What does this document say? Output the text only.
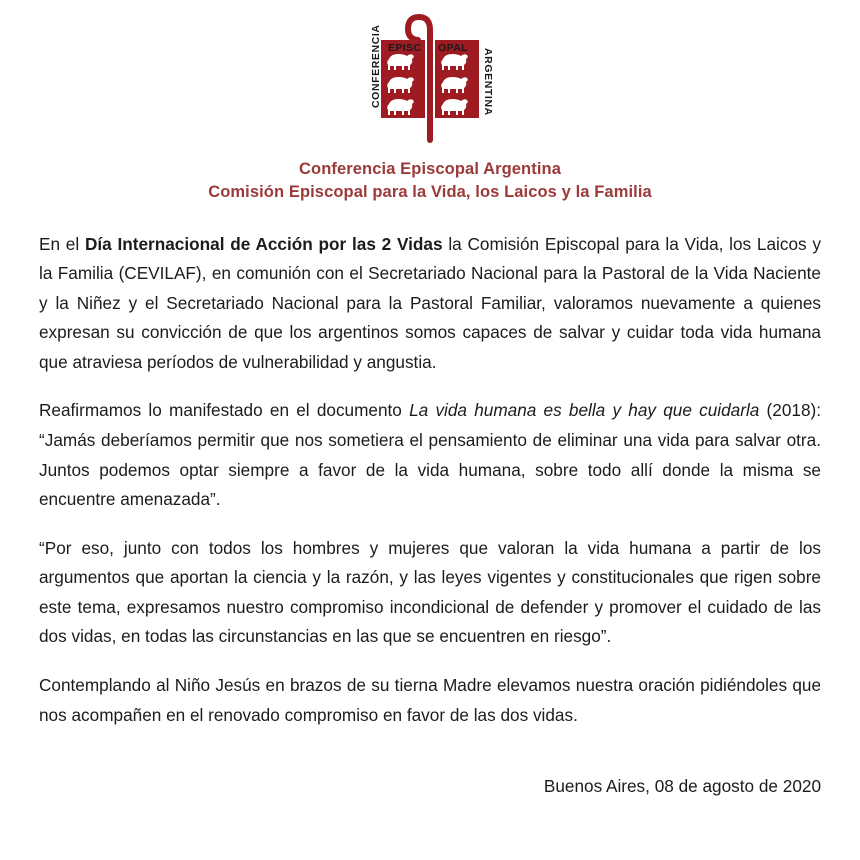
CONFERENCIA	ARGENTINA
EPISC OPAL
Conferencia Episcopal Argentina
Comisión Episcopal para la Vida, los Laicos y la Familia

En el Día Internacional de Acción por las 2 Vidas la Comisión Episcopal para la Vida, los Laicos y la Familia (CEVILAF), en comunión con el Secretariado Nacional para la Pastoral de la Vida Naciente y la Niñez y el Secretariado Nacional para la Pastoral Familiar, valoramos nuevamente a quienes expresan su convicción de que los argentinos somos capaces de salvar y cuidar toda vida humana que atraviesa períodos de vulnerabilidad y angustia.

Reafirmamos lo manifestado en el documento La vida humana es bella y hay que cuidarla (2018): “Jamás deberíamos permitir que nos sometiera el pensamiento de eliminar una vida para salvar otra. Juntos podemos optar siempre a favor de la vida humana, sobre todo allí donde la misma se encuentre amenazada”.

“Por eso, junto con todos los hombres y mujeres que valoran la vida humana a partir de los argumentos que aportan la ciencia y la razón, y las leyes vigentes y constitucionales que rigen sobre este tema, expresamos nuestro compromiso incondicional de defender y promover el cuidado de las dos vidas, en todas las circunstancias en las que se encuentren en riesgo”.

Contemplando al Niño Jesús en brazos de su tierna Madre elevamos nuestra oración pidiéndoles que nos acompañen en el renovado compromiso en favor de las dos vidas.

Buenos Aires, 08 de agosto de 2020
